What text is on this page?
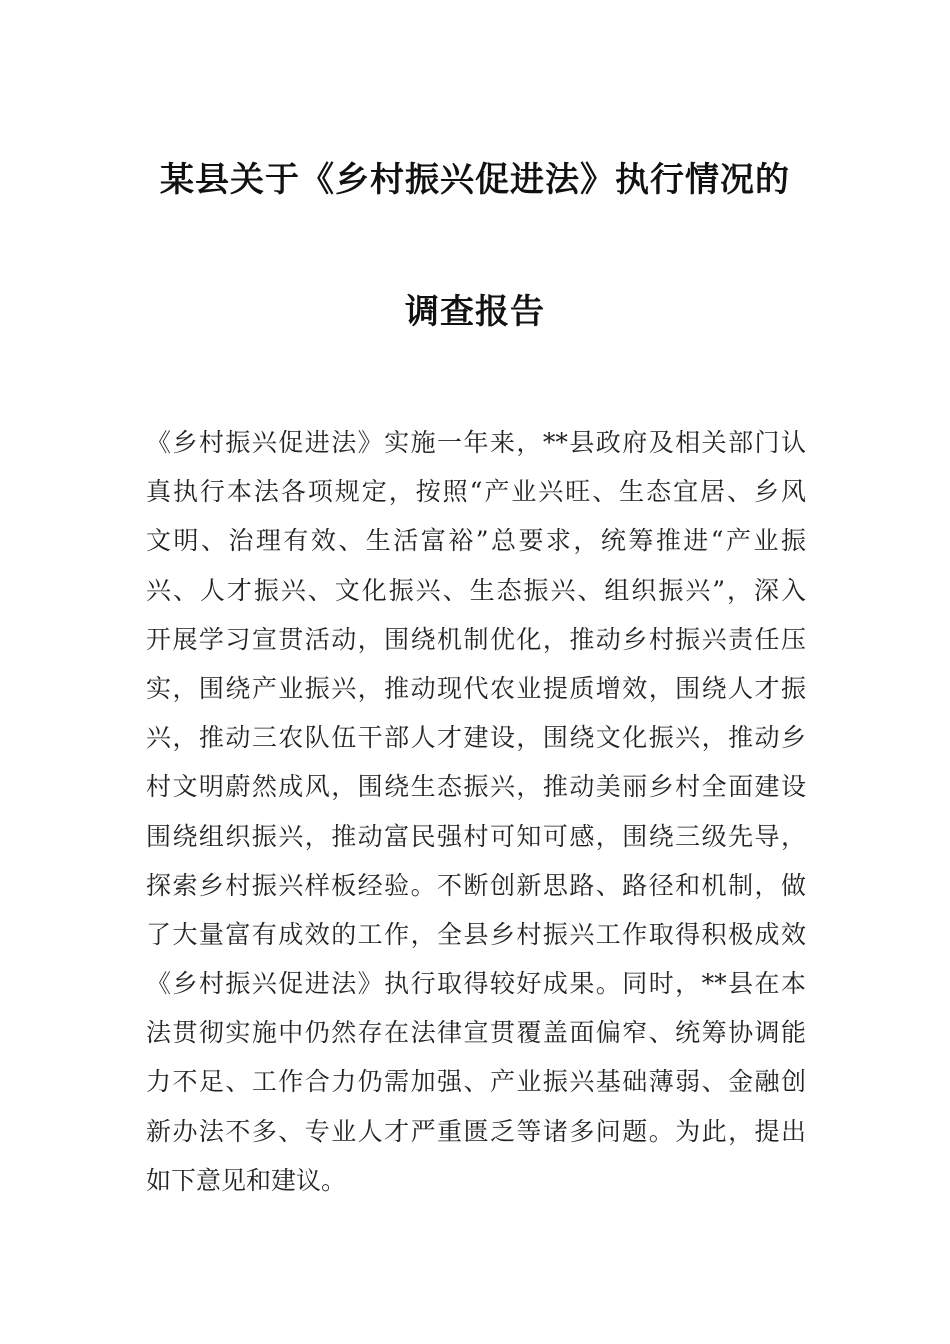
某县关于《乡村振兴促进法》执行情况的
调查报告
《乡村振兴促进法》实施一年来，**县政府及相关部门认
真执行本法各项规定，按照“产业兴旺、生态宜居、乡风
文明、治理有效、生活富裕”总要求，统筹推进“产业振
兴、人才振兴、文化振兴、生态振兴、组织振兴”，深入
开展学习宣贯活动，围绕机制优化，推动乡村振兴责任压
实，围绕产业振兴，推动现代农业提质增效，围绕人才振
兴，推动三农队伍干部人才建设，围绕文化振兴，推动乡
村文明蔚然成风，围绕生态振兴，推动美丽乡村全面建设
围绕组织振兴，推动富民强村可知可感，围绕三级先导，
探索乡村振兴样板经验。不断创新思路、路径和机制，做
了大量富有成效的工作，全县乡村振兴工作取得积极成效
《乡村振兴促进法》执行取得较好成果。同时，**县在本
法贯彻实施中仍然存在法律宣贯覆盖面偏窄、统筹协调能
力不足、工作合力仍需加强、产业振兴基础薄弱、金融创
新办法不多、专业人才严重匮乏等诸多问题。为此，提出
如下意见和建议。
